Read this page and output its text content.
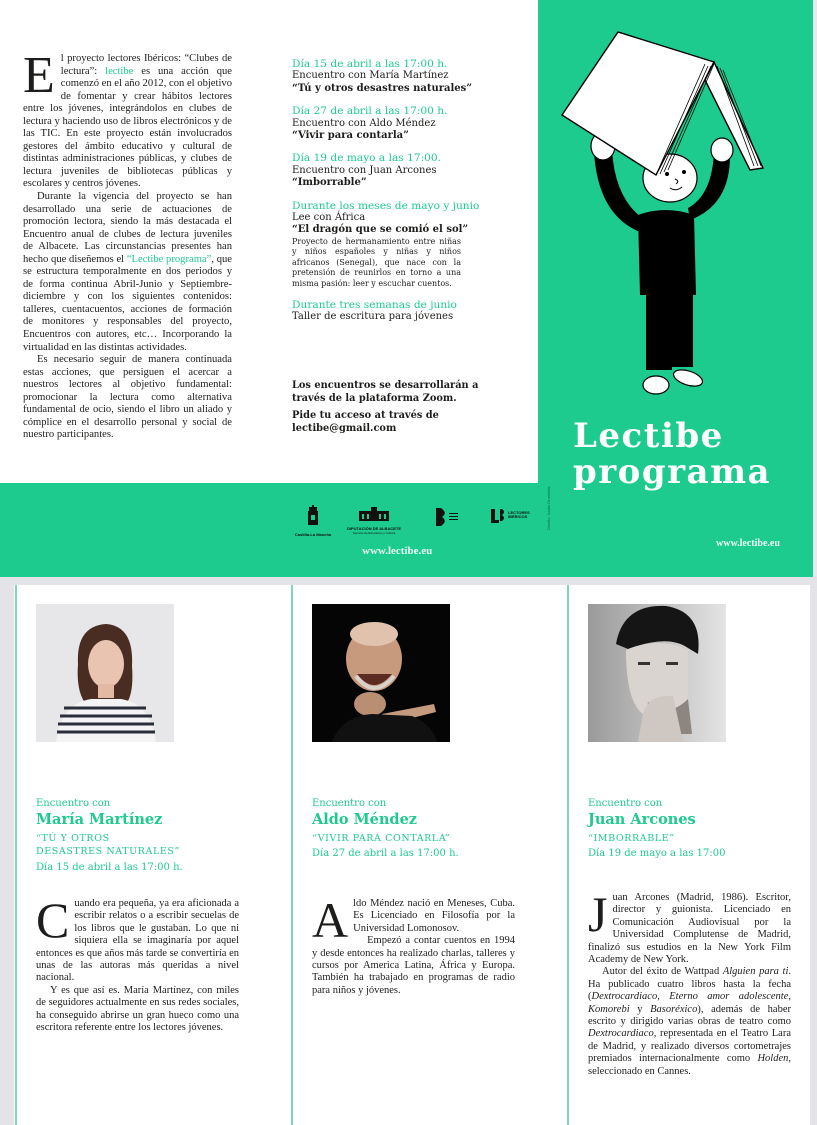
El proyecto lectores Ibéricos: “Clubes de lectura”: lectibe es una acción que comenzó en el año 2012, con el objetivo de fomentar y crear hábitos lectores entre los jóvenes, integrándolos en clubes de lectura y haciendo uso de libros electrónicos y de las TIC. En este proyecto están involucrados gestores del ámbito educativo y cultural de distintas administraciones públicas, y clubes de lectura juveniles de bibliotecas públicas y escolares y centros jóvenes.

Durante la vigencia del proyecto se han desarrollado una serie de actuaciones de promoción lectora, siendo la más destacada el Encuentro anual de clubes de lectura juveniles de Albacete. Las circunstancias presentes han hecho que diseñemos el “Lectibe programa”, que se estructura temporalmente en dos periodos y de forma continua Abril-Junio y Septiembre-diciembre y con los siguientes contenidos: talleres, cuentacuentos, acciones de formación de monitores y responsables del proyecto, Encuentros con autores, etc… Incorporando la virtualidad en las distintas actividades.

Es necesario seguir de manera continuada estas acciones, que persiguen el acercar a nuestros lectores al objetivo fundamental: promocionar la lectura como alternativa fundamental de ocio, siendo el libro un aliado y cómplice en el desarrollo personal y social de nuestro participantes.

Día 15 de abril a las 17:00 h.
Encuentro con María Martínez
“Tú y otros desastres naturales”
Día 27 de abril a las 17:00 h.
Encuentro con Aldo Méndez
“Vivir para contarla”
Día 19 de mayo a las 17:00.
Encuentro con Juan Arcones
“Imborrable”
Durante los meses de mayo y junio
Lee con África
“El dragón que se comió el sol”
Proyecto de hermanamiento entre niñas y niños españoles y niñas y niños africanos (Senegal), que nace con la pretensión de reunirlos en torno a una misma pasión: leer y escuchar cuentos.
Durante tres semanas de junio
Taller de escritura para jóvenes

Los encuentros se desarrollarán a través de la plataforma Zoom.

Pide tu acceso at través de lectibe@gmail.com

Castilla-La Mancha
DIPUTACIÓN DE ALBACETE
Servicio de Educación y Cultura
LECTORES IBÉRICOS	Diseño: Nadia Drumelas
www.lectibe.eu
Lectibe
programa
www.lectibe.eu
Encuentro con
María Martínez
“TÚ Y OTROS
DESASTRES NATURALES”
Día 15 de abril a las 17:00 h.

Cuando era pequeña, ya era aficionada a escribir relatos o a escribir secuelas de los libros que le gustaban. Lo que ni siquiera ella se imaginaría por aquel entonces es que años más tarde se convertiría en unas de las autoras más queridas a nivel nacional.

Y es que así es. María Martínez, con miles de seguidores actualmente en sus redes sociales, ha conseguido abrirse un gran hueco como una escritora referente entre los lectores jóvenes.

Encuentro con
Aldo Méndez
“VIVIR PARA CONTARLA”
Día 27 de abril a las 17:00 h.

Aldo Méndez nació en Meneses, Cuba. Es Licenciado en Filosofía por la Universidad Lomonosov.

Empezó a contar cuentos en 1994 y desde entonces ha realizado charlas, talleres y cursos por America Latina, África y Europa. También ha trabajado en programas de radio para niños y jóvenes.

Encuentro con
Juan Arcones
“IMBORRABLE”
Día 19 de mayo a las 17:00

Juan Arcones (Madrid, 1986). Escritor, director y guionista. Licenciado en Comunicación Audiovisual por la Universidad Complutense de Madrid, finalizó sus estudios en la New York Film Academy de New York.

Autor del éxito de Wattpad Alguien para ti. Ha publicado cuatro libros hasta la fecha (Dextrocardiaco, Eterno amor adolescente, Komorebi y Basoréxico), además de haber escrito y dirigido varias obras de teatro como Dextrocardiaco, representada en el Teatro Lara de Madrid, y realizado diversos cortometrajes premiados internacionalmente como Holden, seleccionado en Cannes.
